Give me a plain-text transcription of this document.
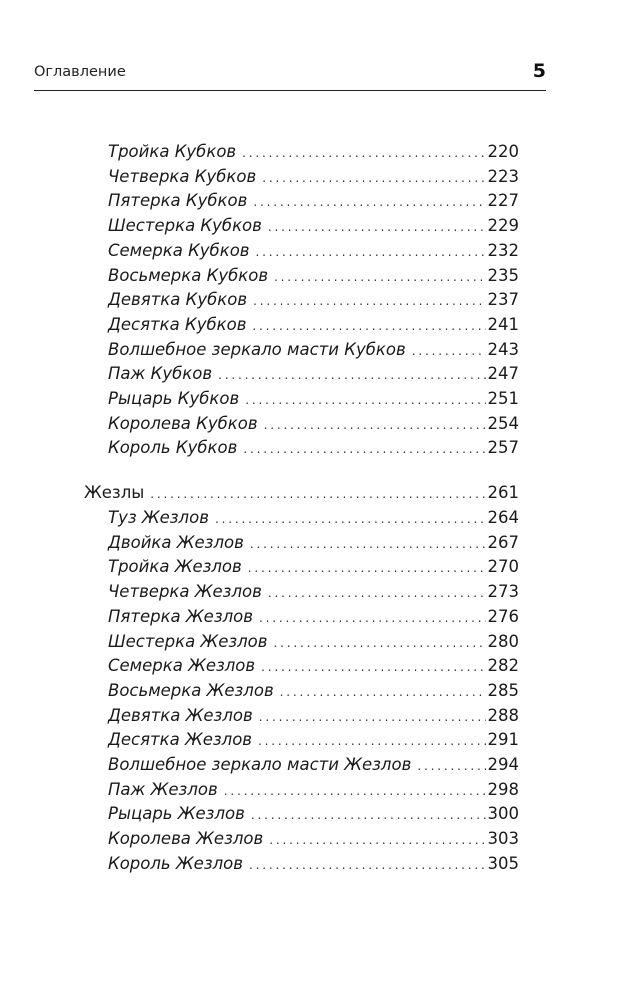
Оглавление	5
Тройка Кубков . . .	220
Четверка Кубков . . .	223
Пятерка Кубков . . .	227
Шестерка Кубков . . .	229
Семерка Кубков . . .	232
Восьмерка Кубков . . .	235
Девятка Кубков . . .	237
Десятка Кубков . . .	241
Волшебное зеркало масти Кубков . . .	243
Паж Кубков . . .	247
Рыцарь Кубков . . .	251
Королева Кубков . . .	254
Король Кубков . . .	257
Жезлы . . .	261
Туз Жезлов . . .	264
Двойка Жезлов . . .	267
Тройка Жезлов . . .	270
Четверка Жезлов . . .	273
Пятерка Жезлов . . .	276
Шестерка Жезлов . . .	280
Семерка Жезлов . . .	282
Восьмерка Жезлов . . .	285
Девятка Жезлов . . .	288
Десятка Жезлов . . .	291
Волшебное зеркало масти Жезлов . . .	294
Паж Жезлов . . .	298
Рыцарь Жезлов . . .	300
Королева Жезлов . . .	303
Король Жезлов . . .	305
